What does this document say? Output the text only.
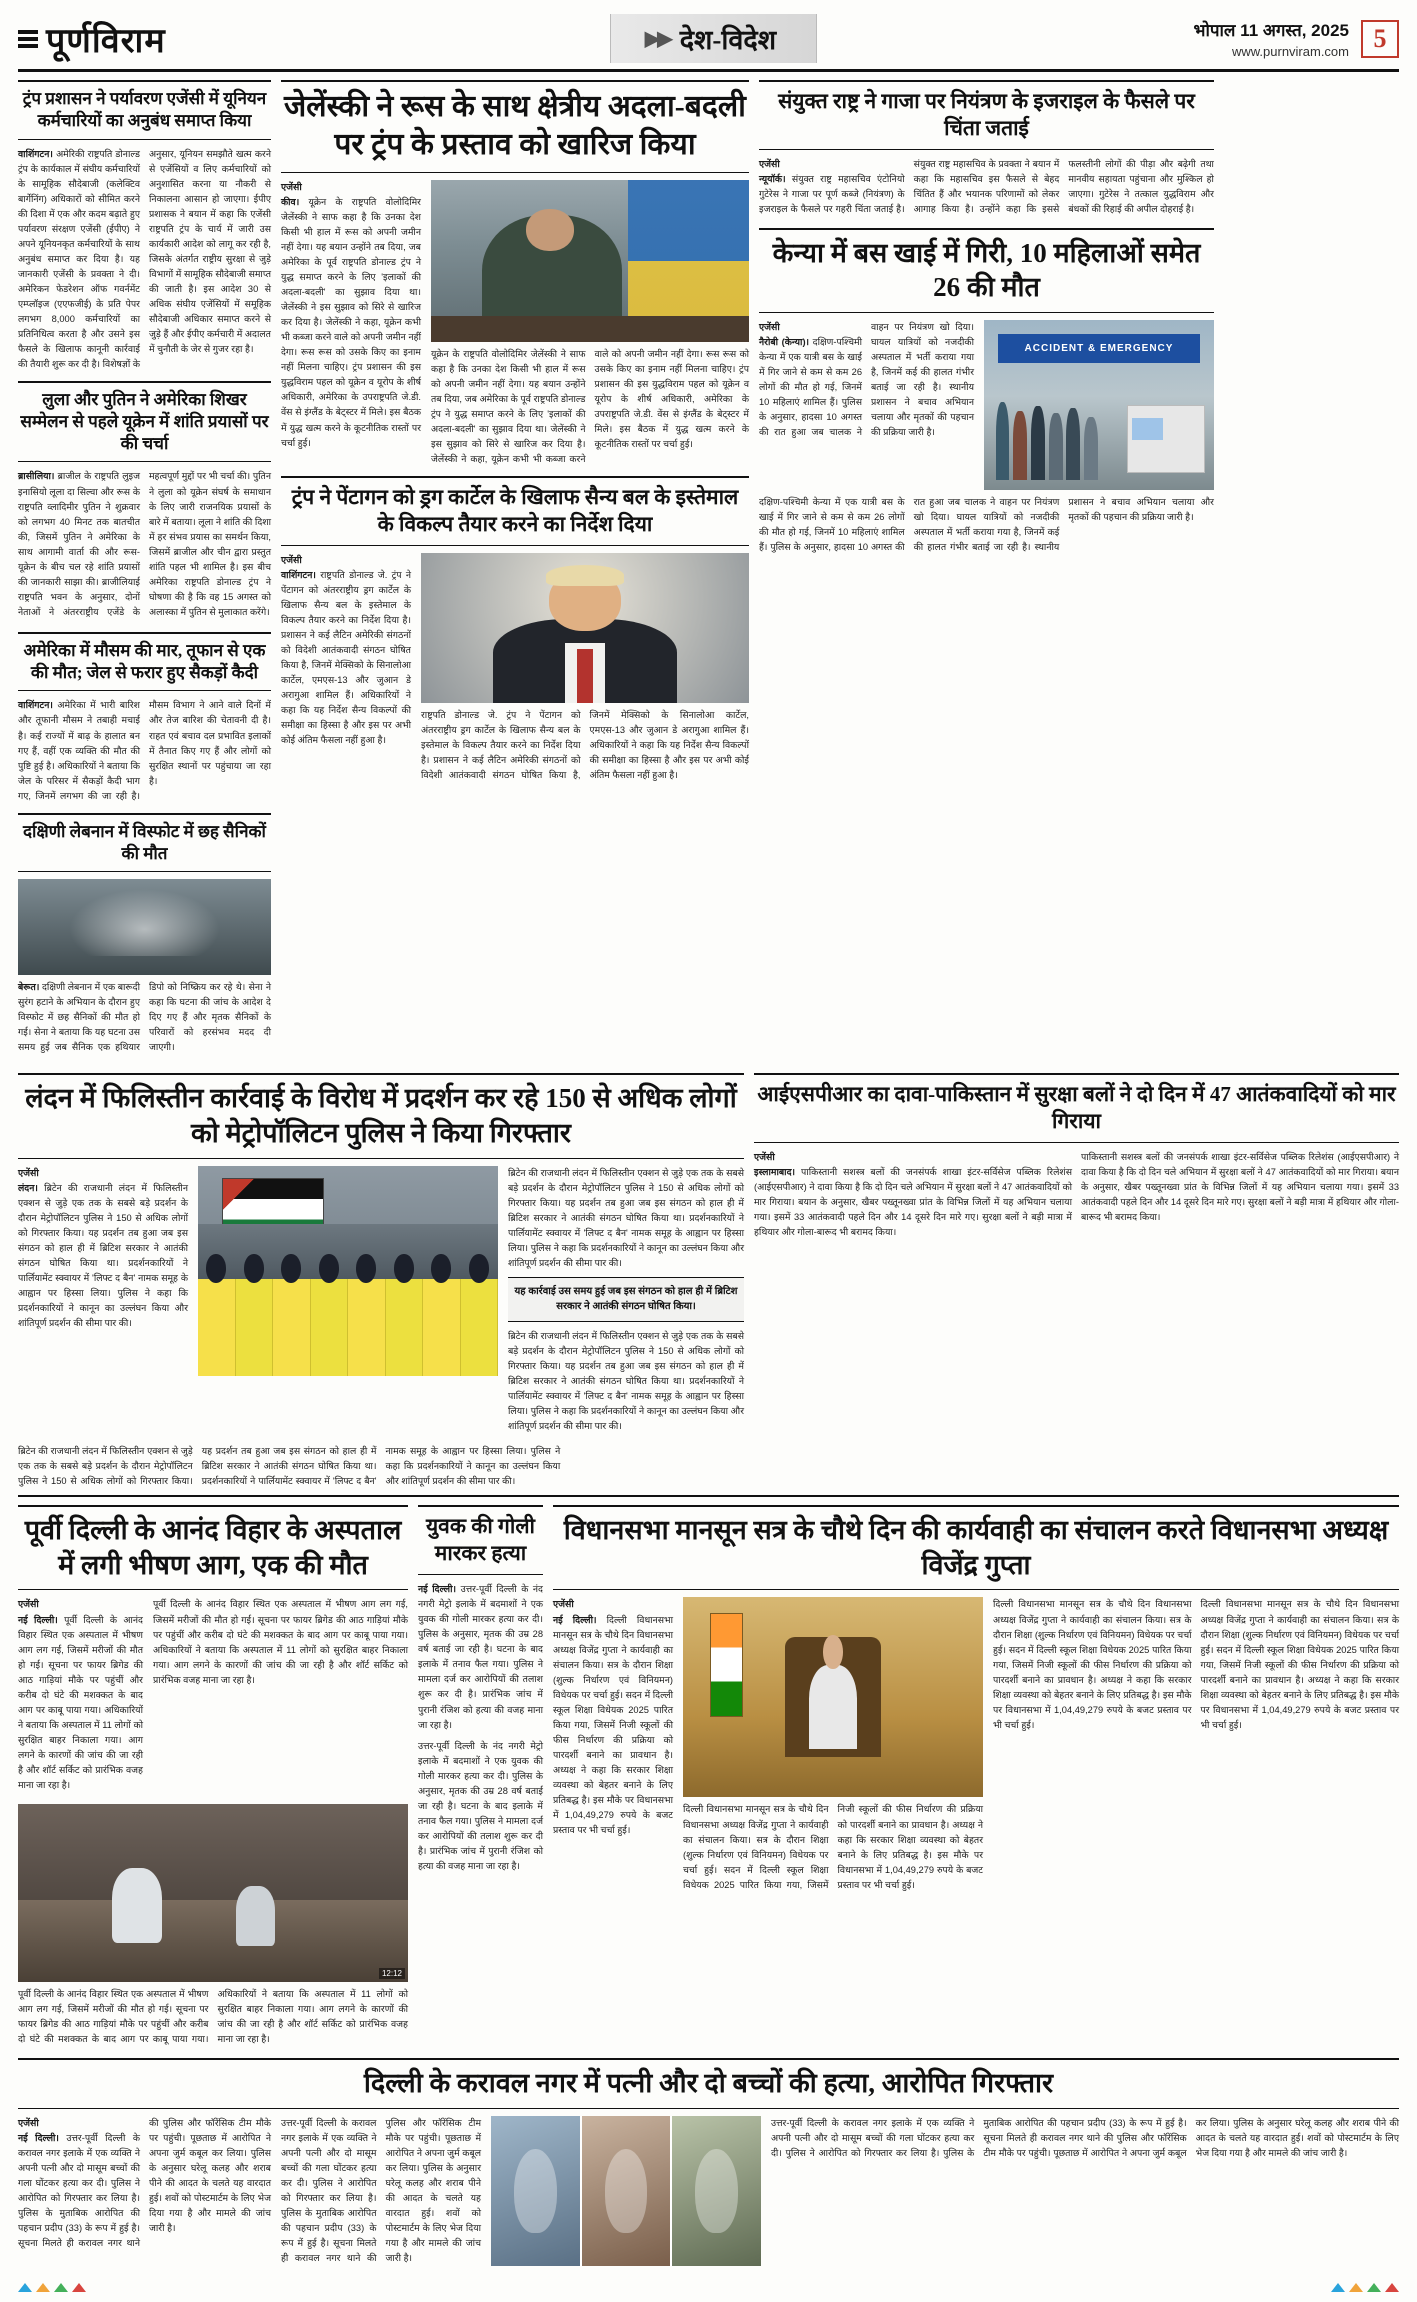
पूर्णविराम	▶▶ देश-विदेश	भोपाल 11 अगस्त, 2025
www.purnviram.com 5
ट्रंप प्रशासन ने पर्यावरण एजेंसी में यूनियन कर्मचारियों का अनुबंध समाप्त किया

वाशिंगटन। अमेरिकी राष्ट्रपति डोनाल्ड ट्रंप के कार्यकाल में संघीय कर्मचारियों के सामूहिक सौदेबाजी (कलेक्टिव बार्गेनिंग) अधिकारों को सीमित करने की दिशा में एक और कदम बढ़ाते हुए पर्यावरण संरक्षण एजेंसी (ईपीए) ने अपने यूनियनकृत कर्मचारियों के साथ अनुबंध समाप्त कर दिया है। यह जानकारी एजेंसी के प्रवक्ता ने दी। अमेरिकन फेडरेशन ऑफ गवर्नमेंट एम्प्लॉइज (एएफजीई) के प्रति पेपर लगभग 8,000 कर्मचारियों का प्रतिनिधित्व करता है और उसने इस फैसले के खिलाफ कानूनी कार्रवाई की तैयारी शुरू कर दी है। विशेषज्ञों के अनुसार, यूनियन समझौते खत्म करने से एजेंसियों व लिए कर्मचारियों को अनुशासित करना या नौकरी से निकालना आसान हो जाएगा। ईपीए प्रशासक ने बयान में कहा कि एजेंसी राष्ट्रपति ट्रंप के चार्य में जारी उस कार्यकारी आदेश को लागू कर रही है, जिसके अंतर्गत राष्ट्रीय सुरक्षा से जुड़े विभागों में सामूहिक सौदेबाजी समाप्त की जाती है। इस आदेश 30 से अधिक संघीय एजेंसियों में समूहिक सौदेबाजी अधिकार समाप्त करने से जुड़े हैं और ईपीए कर्मचारी में अदालत में चुनौती के जेर से गुजर रहा है।

लुला और पुतिन ने अमेरिका शिखर सम्मेलन से पहले यूक्रेन में शांति प्रयासों पर की चर्चा

ब्रासीलिया। ब्राजील के राष्ट्रपति लुइज इनासियो लूला दा सिल्वा और रूस के राष्ट्रपति व्लादिमीर पुतिन ने शुक्रवार को लगभग 40 मिनट तक बातचीत की, जिसमें पुतिन ने अमेरिका के साथ आगामी वार्ता की और रूस-यूक्रेन के बीच चल रहे शांति प्रयासों की जानकारी साझा की। ब्राजीलियाई राष्ट्रपति भवन के अनुसार, दोनों नेताओं ने अंतरराष्ट्रीय एजेंडे के महत्वपूर्ण मुद्दों पर भी चर्चा की। पुतिन ने लुला को यूक्रेन संघर्ष के समाधान के लिए जारी राजनयिक प्रयासों के बारे में बताया। लूला ने शांति की दिशा में हर संभव प्रयास का समर्थन किया, जिसमें ब्राजील और चीन द्वारा प्रस्तुत शांति पहल भी शामिल है। इस बीच अमेरिका राष्ट्रपति डोनाल्ड ट्रंप ने घोषणा की है कि वह 15 अगस्त को अलास्का में पुतिन से मुलाकात करेंगे।

अमेरिका में मौसम की मार, तूफान से एक की मौत; जेल से फरार हुए सैकड़ों कैदी

वाशिंगटन। अमेरिका में भारी बारिश और तूफानी मौसम ने तबाही मचाई है। कई राज्यों में बाढ़ के हालात बन गए हैं, वहीं एक व्यक्ति की मौत की पुष्टि हुई है। अधिकारियों ने बताया कि जेल के परिसर में सैकड़ों कैदी भाग गए, जिनमें लगभग की जा रही है। मौसम विभाग ने आने वाले दिनों में और तेज बारिश की चेतावनी दी है। राहत एवं बचाव दल प्रभावित इलाकों में तैनात किए गए हैं और लोगों को सुरक्षित स्थानों पर पहुंचाया जा रहा है।

दक्षिणी लेबनान में विस्फोट में छह सैनिकों की मौत

बेरूत। दक्षिणी लेबनान में एक बारूदी सुरंग हटाने के अभियान के दौरान हुए विस्फोट में छह सैनिकों की मौत हो गई। सेना ने बताया कि यह घटना उस समय हुई जब सैनिक एक हथियार डिपो को निष्क्रिय कर रहे थे। सेना ने कहा कि घटना की जांच के आदेश दे दिए गए हैं और मृतक सैनिकों के परिवारों को हरसंभव मदद दी जाएगी।

जेलेंस्की ने रूस के साथ क्षेत्रीय अदला-बदली पर ट्रंप के प्रस्ताव को खारिज किया

एजेंसी
कीव। यूक्रेन के राष्ट्रपति वोलोदिमिर जेलेंस्की ने साफ कहा है कि उनका देश किसी भी हाल में रूस को अपनी जमीन नहीं देगा। यह बयान उन्होंने तब दिया, जब अमेरिका के पूर्व राष्ट्रपति डोनाल्ड ट्रंप ने युद्ध समाप्त करने के लिए 'इलाकों की अदला-बदली' का सुझाव दिया था। जेलेंस्की ने इस सुझाव को सिरे से खारिज कर दिया है। जेलेंस्की ने कहा, यूक्रेन कभी भी कब्जा करने वाले को अपनी जमीन नहीं देगा। रूस रूस को उसके किए का इनाम नहीं मिलना चाहिए। ट्रंप प्रशासन की इस युद्धविराम पहल को यूक्रेन व यूरोप के शीर्ष अधिकारी, अमेरिका के उपराष्ट्रपति जे.डी. वेंस से इंग्लैंड के बेट्स्टर में मिले। इस बैठक में युद्ध खत्म करने के कूटनीतिक रास्तों पर चर्चा हुई।

यूक्रेन के राष्ट्रपति वोलोदिमिर जेलेंस्की ने साफ कहा है कि उनका देश किसी भी हाल में रूस को अपनी जमीन नहीं देगा। यह बयान उन्होंने तब दिया, जब अमेरिका के पूर्व राष्ट्रपति डोनाल्ड ट्रंप ने युद्ध समाप्त करने के लिए 'इलाकों की अदला-बदली' का सुझाव दिया था। जेलेंस्की ने इस सुझाव को सिरे से खारिज कर दिया है। जेलेंस्की ने कहा, यूक्रेन कभी भी कब्जा करने वाले को अपनी जमीन नहीं देगा। रूस रूस को उसके किए का इनाम नहीं मिलना चाहिए। ट्रंप प्रशासन की इस युद्धविराम पहल को यूक्रेन व यूरोप के शीर्ष अधिकारी, अमेरिका के उपराष्ट्रपति जे.डी. वेंस से इंग्लैंड के बेट्स्टर में मिले। इस बैठक में युद्ध खत्म करने के कूटनीतिक रास्तों पर चर्चा हुई।

ट्रंप ने पेंटागन को ड्रग कार्टेल के खिलाफ सैन्य बल के इस्तेमाल के विकल्प तैयार करने का निर्देश दिया

एजेंसी
वाशिंगटन। राष्ट्रपति डोनाल्ड जे. ट्रंप ने पेंटागन को अंतरराष्ट्रीय ड्रग कार्टेल के खिलाफ सैन्य बल के इस्तेमाल के विकल्प तैयार करने का निर्देश दिया है। प्रशासन ने कई लैटिन अमेरिकी संगठनों को विदेशी आतंकवादी संगठन घोषित किया है, जिनमें मेक्सिको के सिनालोआ कार्टेल, एमएस-13 और जुआन डे अरागुआ शामिल हैं। अधिकारियों ने कहा कि यह निर्देश सैन्य विकल्पों की समीक्षा का हिस्सा है और इस पर अभी कोई अंतिम फैसला नहीं हुआ है।

राष्ट्रपति डोनाल्ड जे. ट्रंप ने पेंटागन को अंतरराष्ट्रीय ड्रग कार्टेल के खिलाफ सैन्य बल के इस्तेमाल के विकल्प तैयार करने का निर्देश दिया है। प्रशासन ने कई लैटिन अमेरिकी संगठनों को विदेशी आतंकवादी संगठन घोषित किया है, जिनमें मेक्सिको के सिनालोआ कार्टेल, एमएस-13 और जुआन डे अरागुआ शामिल हैं। अधिकारियों ने कहा कि यह निर्देश सैन्य विकल्पों की समीक्षा का हिस्सा है और इस पर अभी कोई अंतिम फैसला नहीं हुआ है।

संयुक्त राष्ट्र ने गाजा पर नियंत्रण के इजराइल के फैसले पर चिंता जताई

एजेंसी
न्यूयॉर्क। संयुक्त राष्ट्र महासचिव एंटोनियो गुटेरेस ने गाजा पर पूर्ण कब्जे (नियंत्रण) के इजराइल के फैसले पर गहरी चिंता जताई है। संयुक्त राष्ट्र महासचिव के प्रवक्ता ने बयान में कहा कि महासचिव इस फैसले से बेहद चिंतित हैं और भयानक परिणामों को लेकर आगाह किया है। उन्होंने कहा कि इससे फलस्तीनी लोगों की पीड़ा और बढ़ेगी तथा मानवीय सहायता पहुंचाना और मुश्किल हो जाएगा। गुटेरेस ने तत्काल युद्धविराम और बंधकों की रिहाई की अपील दोहराई है।

केन्या में बस खाई में गिरी, 10 महिलाओं समेत 26 की मौत

एजेंसी
नैरोबी (केन्या)। दक्षिण-पश्चिमी केन्या में एक यात्री बस के खाई में गिर जाने से कम से कम 26 लोगों की मौत हो गई, जिनमें 10 महिलाएं शामिल हैं। पुलिस के अनुसार, हादसा 10 अगस्त की रात हुआ जब चालक ने वाहन पर नियंत्रण खो दिया। घायल यात्रियों को नजदीकी अस्पताल में भर्ती कराया गया है, जिनमें कई की हालत गंभीर बताई जा रही है। स्थानीय प्रशासन ने बचाव अभियान चलाया और मृतकों की पहचान की प्रक्रिया जारी है।

ACCIDENT & EMERGENCY

दक्षिण-पश्चिमी केन्या में एक यात्री बस के खाई में गिर जाने से कम से कम 26 लोगों की मौत हो गई, जिनमें 10 महिलाएं शामिल हैं। पुलिस के अनुसार, हादसा 10 अगस्त की रात हुआ जब चालक ने वाहन पर नियंत्रण खो दिया। घायल यात्रियों को नजदीकी अस्पताल में भर्ती कराया गया है, जिनमें कई की हालत गंभीर बताई जा रही है। स्थानीय प्रशासन ने बचाव अभियान चलाया और मृतकों की पहचान की प्रक्रिया जारी है।

लंदन में फिलिस्तीन कार्रवाई के विरोध में प्रदर्शन कर रहे 150 से अधिक लोगों को मेट्रोपॉलिटन पुलिस ने किया गिरफ्तार

एजेंसी
लंदन। ब्रिटेन की राजधानी लंदन में फिलिस्तीन एक्शन से जुड़े एक तक के सबसे बड़े प्रदर्शन के दौरान मेट्रोपॉलिटन पुलिस ने 150 से अधिक लोगों को गिरफ्तार किया। यह प्रदर्शन तब हुआ जब इस संगठन को हाल ही में ब्रिटिश सरकार ने आतंकी संगठन घोषित किया था। प्रदर्शनकारियों ने पार्लियामेंट स्क्वायर में 'लिफ्ट द बैन' नामक समूह के आह्वान पर हिस्सा लिया। पुलिस ने कहा कि प्रदर्शनकारियों ने कानून का उल्लंघन किया और शांतिपूर्ण प्रदर्शन की सीमा पार की।

ब्रिटेन की राजधानी लंदन में फिलिस्तीन एक्शन से जुड़े एक तक के सबसे बड़े प्रदर्शन के दौरान मेट्रोपॉलिटन पुलिस ने 150 से अधिक लोगों को गिरफ्तार किया। यह प्रदर्शन तब हुआ जब इस संगठन को हाल ही में ब्रिटिश सरकार ने आतंकी संगठन घोषित किया था। प्रदर्शनकारियों ने पार्लियामेंट स्क्वायर में 'लिफ्ट द बैन' नामक समूह के आह्वान पर हिस्सा लिया। पुलिस ने कहा कि प्रदर्शनकारियों ने कानून का उल्लंघन किया और शांतिपूर्ण प्रदर्शन की सीमा पार की।

यह कार्रवाई उस समय हुई जब इस संगठन को हाल ही में ब्रिटिश सरकार ने आतंकी संगठन घोषित किया।

ब्रिटेन की राजधानी लंदन में फिलिस्तीन एक्शन से जुड़े एक तक के सबसे बड़े प्रदर्शन के दौरान मेट्रोपॉलिटन पुलिस ने 150 से अधिक लोगों को गिरफ्तार किया। यह प्रदर्शन तब हुआ जब इस संगठन को हाल ही में ब्रिटिश सरकार ने आतंकी संगठन घोषित किया था। प्रदर्शनकारियों ने पार्लियामेंट स्क्वायर में 'लिफ्ट द बैन' नामक समूह के आह्वान पर हिस्सा लिया। पुलिस ने कहा कि प्रदर्शनकारियों ने कानून का उल्लंघन किया और शांतिपूर्ण प्रदर्शन की सीमा पार की।

ब्रिटेन की राजधानी लंदन में फिलिस्तीन एक्शन से जुड़े एक तक के सबसे बड़े प्रदर्शन के दौरान मेट्रोपॉलिटन पुलिस ने 150 से अधिक लोगों को गिरफ्तार किया। यह प्रदर्शन तब हुआ जब इस संगठन को हाल ही में ब्रिटिश सरकार ने आतंकी संगठन घोषित किया था। प्रदर्शनकारियों ने पार्लियामेंट स्क्वायर में 'लिफ्ट द बैन' नामक समूह के आह्वान पर हिस्सा लिया। पुलिस ने कहा कि प्रदर्शनकारियों ने कानून का उल्लंघन किया और शांतिपूर्ण प्रदर्शन की सीमा पार की।

आईएसपीआर का दावा-पाकिस्तान में सुरक्षा बलों ने दो दिन में 47 आतंकवादियों को मार गिराया

एजेंसी
इस्लामाबाद। पाकिस्तानी सशस्त्र बलों की जनसंपर्क शाखा इंटर-सर्विसेज पब्लिक रिलेशंस (आईएसपीआर) ने दावा किया है कि दो दिन चले अभियान में सुरक्षा बलों ने 47 आतंकवादियों को मार गिराया। बयान के अनुसार, खैबर पख्तूनख्वा प्रांत के विभिन्न जिलों में यह अभियान चलाया गया। इसमें 33 आतंकवादी पहले दिन और 14 दूसरे दिन मारे गए। सुरक्षा बलों ने बड़ी मात्रा में हथियार और गोला-बारूद भी बरामद किया।

पाकिस्तानी सशस्त्र बलों की जनसंपर्क शाखा इंटर-सर्विसेज पब्लिक रिलेशंस (आईएसपीआर) ने दावा किया है कि दो दिन चले अभियान में सुरक्षा बलों ने 47 आतंकवादियों को मार गिराया। बयान के अनुसार, खैबर पख्तूनख्वा प्रांत के विभिन्न जिलों में यह अभियान चलाया गया। इसमें 33 आतंकवादी पहले दिन और 14 दूसरे दिन मारे गए। सुरक्षा बलों ने बड़ी मात्रा में हथियार और गोला-बारूद भी बरामद किया।

पूर्वी दिल्ली के आनंद विहार के अस्पताल में लगी भीषण आग, एक की मौत

एजेंसी
नई दिल्ली। पूर्वी दिल्ली के आनंद विहार स्थित एक अस्पताल में भीषण आग लग गई, जिसमें मरीजों की मौत हो गई। सूचना पर फायर ब्रिगेड की आठ गाड़ियां मौके पर पहुंचीं और करीब दो घंटे की मशक्कत के बाद आग पर काबू पाया गया। अधिकारियों ने बताया कि अस्पताल में 11 लोगों को सुरक्षित बाहर निकाला गया। आग लगने के कारणों की जांच की जा रही है और शॉर्ट सर्किट को प्रारंभिक वजह माना जा रहा है।

पूर्वी दिल्ली के आनंद विहार स्थित एक अस्पताल में भीषण आग लग गई, जिसमें मरीजों की मौत हो गई। सूचना पर फायर ब्रिगेड की आठ गाड़ियां मौके पर पहुंचीं और करीब दो घंटे की मशक्कत के बाद आग पर काबू पाया गया। अधिकारियों ने बताया कि अस्पताल में 11 लोगों को सुरक्षित बाहर निकाला गया। आग लगने के कारणों की जांच की जा रही है और शॉर्ट सर्किट को प्रारंभिक वजह माना जा रहा है।

12:12

पूर्वी दिल्ली के आनंद विहार स्थित एक अस्पताल में भीषण आग लग गई, जिसमें मरीजों की मौत हो गई। सूचना पर फायर ब्रिगेड की आठ गाड़ियां मौके पर पहुंचीं और करीब दो घंटे की मशक्कत के बाद आग पर काबू पाया गया। अधिकारियों ने बताया कि अस्पताल में 11 लोगों को सुरक्षित बाहर निकाला गया। आग लगने के कारणों की जांच की जा रही है और शॉर्ट सर्किट को प्रारंभिक वजह माना जा रहा है।

युवक की गोली मारकर हत्या

नई दिल्ली। उत्तर-पूर्वी दिल्ली के नंद नगरी मेट्रो इलाके में बदमाशों ने एक युवक की गोली मारकर हत्या कर दी। पुलिस के अनुसार, मृतक की उम्र 28 वर्ष बताई जा रही है। घटना के बाद इलाके में तनाव फैल गया। पुलिस ने मामला दर्ज कर आरोपियों की तलाश शुरू कर दी है। प्रारंभिक जांच में पुरानी रंजिश को हत्या की वजह माना जा रहा है।

उत्तर-पूर्वी दिल्ली के नंद नगरी मेट्रो इलाके में बदमाशों ने एक युवक की गोली मारकर हत्या कर दी। पुलिस के अनुसार, मृतक की उम्र 28 वर्ष बताई जा रही है। घटना के बाद इलाके में तनाव फैल गया। पुलिस ने मामला दर्ज कर आरोपियों की तलाश शुरू कर दी है। प्रारंभिक जांच में पुरानी रंजिश को हत्या की वजह माना जा रहा है।

विधानसभा मानसून सत्र के चौथे दिन की कार्यवाही का संचालन करते विधानसभा अध्यक्ष विजेंद्र गुप्ता

एजेंसी
नई दिल्ली। दिल्ली विधानसभा मानसून सत्र के चौथे दिन विधानसभा अध्यक्ष विजेंद्र गुप्ता ने कार्यवाही का संचालन किया। सत्र के दौरान शिक्षा (शुल्क निर्धारण एवं विनियमन) विधेयक पर चर्चा हुई। सदन में दिल्ली स्कूल शिक्षा विधेयक 2025 पारित किया गया, जिसमें निजी स्कूलों की फीस निर्धारण की प्रक्रिया को पारदर्शी बनाने का प्रावधान है। अध्यक्ष ने कहा कि सरकार शिक्षा व्यवस्था को बेहतर बनाने के लिए प्रतिबद्ध है। इस मौके पर विधानसभा में 1,04,49,279 रुपये के बजट प्रस्ताव पर भी चर्चा हुई।

दिल्ली विधानसभा मानसून सत्र के चौथे दिन विधानसभा अध्यक्ष विजेंद्र गुप्ता ने कार्यवाही का संचालन किया। सत्र के दौरान शिक्षा (शुल्क निर्धारण एवं विनियमन) विधेयक पर चर्चा हुई। सदन में दिल्ली स्कूल शिक्षा विधेयक 2025 पारित किया गया, जिसमें निजी स्कूलों की फीस निर्धारण की प्रक्रिया को पारदर्शी बनाने का प्रावधान है। अध्यक्ष ने कहा कि सरकार शिक्षा व्यवस्था को बेहतर बनाने के लिए प्रतिबद्ध है। इस मौके पर विधानसभा में 1,04,49,279 रुपये के बजट प्रस्ताव पर भी चर्चा हुई।

दिल्ली विधानसभा मानसून सत्र के चौथे दिन विधानसभा अध्यक्ष विजेंद्र गुप्ता ने कार्यवाही का संचालन किया। सत्र के दौरान शिक्षा (शुल्क निर्धारण एवं विनियमन) विधेयक पर चर्चा हुई। सदन में दिल्ली स्कूल शिक्षा विधेयक 2025 पारित किया गया, जिसमें निजी स्कूलों की फीस निर्धारण की प्रक्रिया को पारदर्शी बनाने का प्रावधान है। अध्यक्ष ने कहा कि सरकार शिक्षा व्यवस्था को बेहतर बनाने के लिए प्रतिबद्ध है। इस मौके पर विधानसभा में 1,04,49,279 रुपये के बजट प्रस्ताव पर भी चर्चा हुई।

दिल्ली विधानसभा मानसून सत्र के चौथे दिन विधानसभा अध्यक्ष विजेंद्र गुप्ता ने कार्यवाही का संचालन किया। सत्र के दौरान शिक्षा (शुल्क निर्धारण एवं विनियमन) विधेयक पर चर्चा हुई। सदन में दिल्ली स्कूल शिक्षा विधेयक 2025 पारित किया गया, जिसमें निजी स्कूलों की फीस निर्धारण की प्रक्रिया को पारदर्शी बनाने का प्रावधान है। अध्यक्ष ने कहा कि सरकार शिक्षा व्यवस्था को बेहतर बनाने के लिए प्रतिबद्ध है। इस मौके पर विधानसभा में 1,04,49,279 रुपये के बजट प्रस्ताव पर भी चर्चा हुई।

दिल्ली के करावल नगर में पत्नी और दो बच्चों की हत्या, आरोपित गिरफ्तार

एजेंसी
नई दिल्ली। उत्तर-पूर्वी दिल्ली के करावल नगर इलाके में एक व्यक्ति ने अपनी पत्नी और दो मासूम बच्चों की गला घोंटकर हत्या कर दी। पुलिस ने आरोपित को गिरफ्तार कर लिया है। पुलिस के मुताबिक आरोपित की पहचान प्रदीप (33) के रूप में हुई है। सूचना मिलते ही करावल नगर थाने की पुलिस और फॉरेंसिक टीम मौके पर पहुंची। पूछताछ में आरोपित ने अपना जुर्म कबूल कर लिया। पुलिस के अनुसार घरेलू कलह और शराब पीने की आदत के चलते यह वारदात हुई। शवों को पोस्टमार्टम के लिए भेज दिया गया है और मामले की जांच जारी है।

उत्तर-पूर्वी दिल्ली के करावल नगर इलाके में एक व्यक्ति ने अपनी पत्नी और दो मासूम बच्चों की गला घोंटकर हत्या कर दी। पुलिस ने आरोपित को गिरफ्तार कर लिया है। पुलिस के मुताबिक आरोपित की पहचान प्रदीप (33) के रूप में हुई है। सूचना मिलते ही करावल नगर थाने की पुलिस और फॉरेंसिक टीम मौके पर पहुंची। पूछताछ में आरोपित ने अपना जुर्म कबूल कर लिया। पुलिस के अनुसार घरेलू कलह और शराब पीने की आदत के चलते यह वारदात हुई। शवों को पोस्टमार्टम के लिए भेज दिया गया है और मामले की जांच जारी है।

उत्तर-पूर्वी दिल्ली के करावल नगर इलाके में एक व्यक्ति ने अपनी पत्नी और दो मासूम बच्चों की गला घोंटकर हत्या कर दी। पुलिस ने आरोपित को गिरफ्तार कर लिया है। पुलिस के मुताबिक आरोपित की पहचान प्रदीप (33) के रूप में हुई है। सूचना मिलते ही करावल नगर थाने की पुलिस और फॉरेंसिक टीम मौके पर पहुंची। पूछताछ में आरोपित ने अपना जुर्म कबूल कर लिया। पुलिस के अनुसार घरेलू कलह और शराब पीने की आदत के चलते यह वारदात हुई। शवों को पोस्टमार्टम के लिए भेज दिया गया है और मामले की जांच जारी है।
